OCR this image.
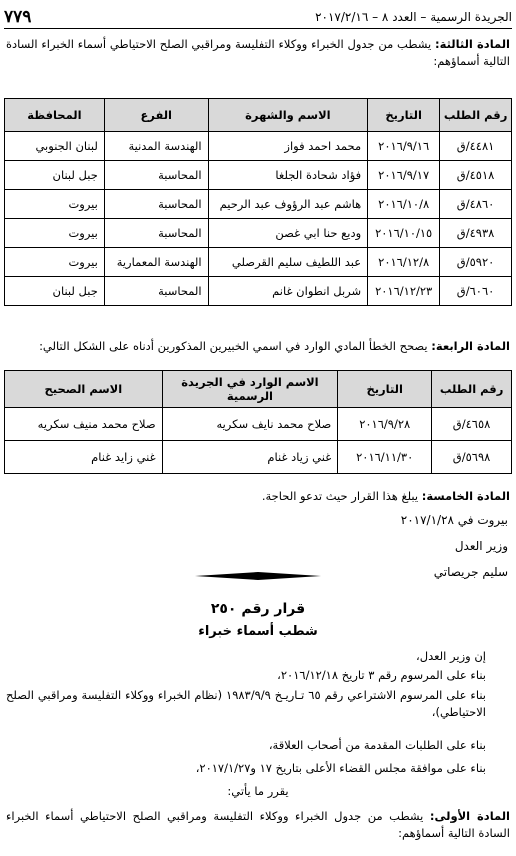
الجريدة الرسمية – العدد ٨ – ٢٠١٧/٢/١٦
٧٧٩
المادة الثالثة: يشطب من جدول الخبراء ووكلاء التفليسة ومراقبي الصلح الاحتياطي أسماء الخبراء السادة التالية أسماؤهم:
رقم الطلب	التاريخ	الاسم والشهرة	الفرع	المحافظة
٤٤٨١/ق	٢٠١٦/٩/١٦	محمد احمد فواز	الهندسة المدنية	لبنان الجنوبي
٤٥١٨/ق	٢٠١٦/٩/١٧	فؤاد شحادة الجلغا	المحاسبة	جبل لبنان
٤٨٦٠/ق	٢٠١٦/١٠/٨	هاشم عبد الرؤوف عبد الرحيم	المحاسبة	بيروت
٤٩٣٨/ق	٢٠١٦/١٠/١٥	وديع حنا ابي غصن	المحاسبة	بيروت
٥٩٢٠/ق	٢٠١٦/١٢/٨	عبد اللطيف سليم القرصلي	الهندسة المعمارية	بيروت
٦٠٦٠/ق	٢٠١٦/١٢/٢٣	شربل انطوان غانم	المحاسبة	جبل لبنان
المادة الرابعة: يصحح الخطأ المادي الوارد في اسمي الخبيرين المذكورين أدناه على الشكل التالي:
رقم الطلب	التاريخ	الاسم الوارد في الجريدة الرسمية	الاسم الصحيح
٤٦٥٨/ق	٢٠١٦/٩/٢٨	صلاح محمد نايف سكريه	صلاح محمد منيف سكريه
٥٦٩٨/ق	٢٠١٦/١١/٣٠	غني زياد غنام	غني زايد غنام
المادة الخامسة: يبلغ هذا القرار حيث تدعو الحاجة.
بيروت في ٢٠١٧/١/٢٨
وزير العدل
سليم جريصاتي
قرار رقم ٢٥٠
شطب أسماء خبراء
إن وزير العدل،
بناء على المرسوم رقم ٣ تاريخ ٢٠١٦/١٢/١٨،
بناء على المرسوم الاشتراعي رقم ٦٥ تـاريـخ ١٩٨٣/٩/٩ (نظام الخبراء ووكلاء التفليسة ومراقبي الصلح الاحتياطي)،
بناء على الطلبات المقدمة من أصحاب العلاقة،
بناء على موافقة مجلس القضاء الأعلى بتاريخ ١٧ و٢٠١٧/١/٢٧،
يقرر ما يأتي:
المادة الأولى: يشطب من جدول الخبراء ووكلاء التفليسة ومراقبي الصلح الاحتياطي أسماء الخبراء السادة التالية أسماؤهم:
